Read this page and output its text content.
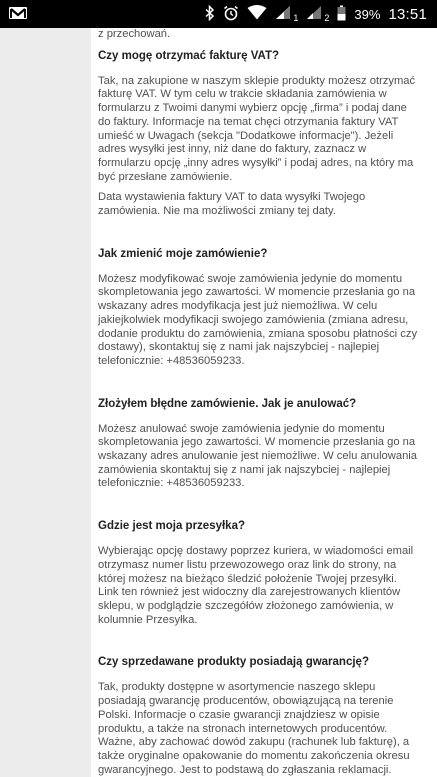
1	2 39% 13:51
z przechowań.
Czy mogę otrzymać fakturę VAT?
Tak, na zakupione w naszym sklepie produkty możesz otrzymać fakturę VAT. W tym celu w trakcie składania zamówienia w formularzu z Twoimi danymi wybierz opcję „firma” i podaj dane do faktury. Informacje na temat chęci otrzymania faktury VAT umieść w Uwagach (sekcja "Dodatkowe informacje"). Jeżeli adres wysyłki jest inny, niż dane do faktury, zaznacz w formularzu opcję „inny adres wysyłki” i podaj adres, na który ma być przesłane zamówienie.
Data wystawienia faktury VAT to data wysyłki Twojego zamówienia. Nie ma możliwości zmiany tej daty.
Jak zmienić moje zamówienie?
Możesz modyfikować swoje zamówienia jedynie do momentu skompletowania jego zawartości. W momencie przesłania go na wskazany adres modyfikacja jest już niemożliwa. W celu jakiejkolwiek modyfikacji swojego zamówienia (zmiana adresu, dodanie produktu do zamówienia, zmiana sposobu płatności czy dostawy), skontaktuj się z nami jak najszybciej - najlepiej telefonicznie: +48536059233.
Złożyłem błędne zamówienie. Jak je anulować?
Możesz anulować swoje zamówienia jedynie do momentu skompletowania jego zawartości. W momencie przesłania go na wskazany adres anulowanie jest niemożliwe. W celu anulowania zamówienia skontaktuj się z nami jak najszybciej - najlepiej telefonicznie: +48536059233.
Gdzie jest moja przesyłka?
Wybierając opcję dostawy poprzez kuriera, w wiadomości email otrzymasz numer listu przewozowego oraz link do strony, na której możesz na bieżąco śledzić położenie Twojej przesyłki. Link ten również jest widoczny dla zarejestrowanych klientów sklepu, w podglądzie szczegółów złożonego zamówienia, w kolumnie Przesyłka.
Czy sprzedawane produkty posiadają gwarancję?
Tak, produkty dostępne w asortymencie naszego sklepu posiadają gwarancję producentów, obowiązującą na terenie Polski. Informacje o czasie gwarancji znajdziesz w opisie produktu, a także na stronach internetowych producentów. Ważne, aby zachować dowód zakupu (rachunek lub fakturę), a także oryginalne opakowanie do momentu zakończenia okresu gwarancyjnego. Jest to podstawą do zgłaszania reklamacji.
